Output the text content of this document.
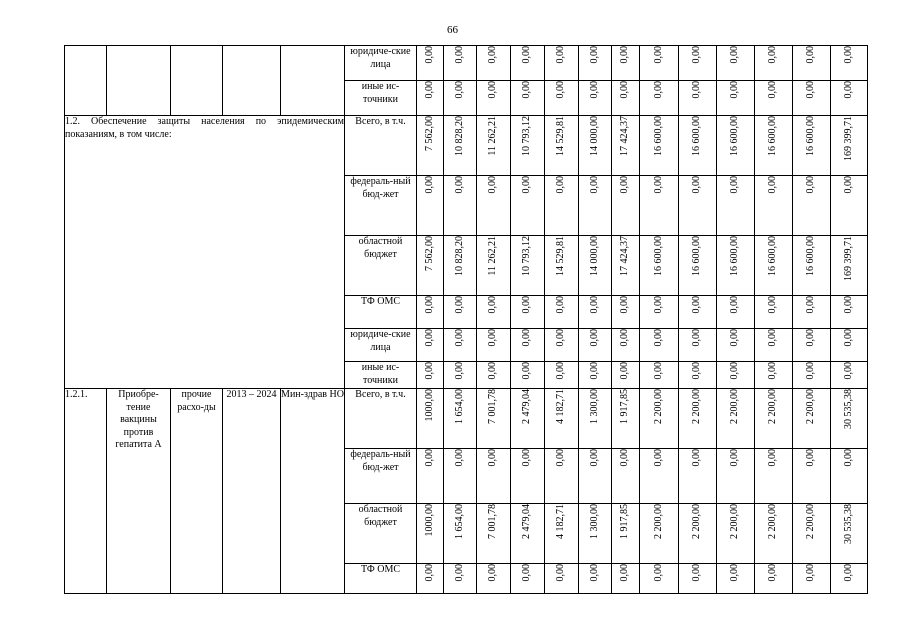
66
					юридиче-ские лица	0,00	0,00	0,00	0,00	0,00	0,00	0,00	0,00	0,00	0,00	0,00	0,00	0,00
					иные ис-точники	0,00	0,00	0,00	0,00	0,00	0,00	0,00	0,00	0,00	0,00	0,00	0,00	0,00
1.2. Обеспечение защиты населения по эпидемическим показаниям, в том числе:					Всего, в т.ч.	7 562,00	10 828,20	11 262,21	10 793,12	14 529,81	14 000,00	17 424,37	16 600,00	16 600,00	16 600,00	16 600,00	16 600,00	169 399,71
					федераль-ный бюд-жет	0,00	0,00	0,00	0,00	0,00	0,00	0,00	0,00	0,00	0,00	0,00	0,00	0,00
					областной бюджет	7 562,00	10 828,20	11 262,21	10 793,12	14 529,81	14 000,00	17 424,37	16 600,00	16 600,00	16 600,00	16 600,00	16 600,00	169 399,71
					ТФ ОМС	0,00	0,00	0,00	0,00	0,00	0,00	0,00	0,00	0,00	0,00	0,00	0,00	0,00
					юридиче-ские лица	0,00	0,00	0,00	0,00	0,00	0,00	0,00	0,00	0,00	0,00	0,00	0,00	0,00
					иные ис-точники	0,00	0,00	0,00	0,00	0,00	0,00	0,00	0,00	0,00	0,00	0,00	0,00	0,00
1.2.1.	Приобре-тение вакцины против гепатита А	прочие расхо-ды	2013 – 2024	Мин-здрав НО	Всего, в т.ч.	1000,00	1 654,00	7 001,78	2 479,04	4 182,71	1 300,00	1 917,85	2 200,00	2 200,00	2 200,00	2 200,00	2 200,00	30 535,38
					федераль-ный бюд-жет	0,00	0,00	0,00	0,00	0,00	0,00	0,00	0,00	0,00	0,00	0,00	0,00	0,00
					областной бюджет	1000,00	1 654,00	7 001,78	2 479,04	4 182,71	1 300,00	1 917,85	2 200,00	2 200,00	2 200,00	2 200,00	2 200,00	30 535,38
					ТФ ОМС	0,00	0,00	0,00	0,00	0,00	0,00	0,00	0,00	0,00	0,00	0,00	0,00	0,00
